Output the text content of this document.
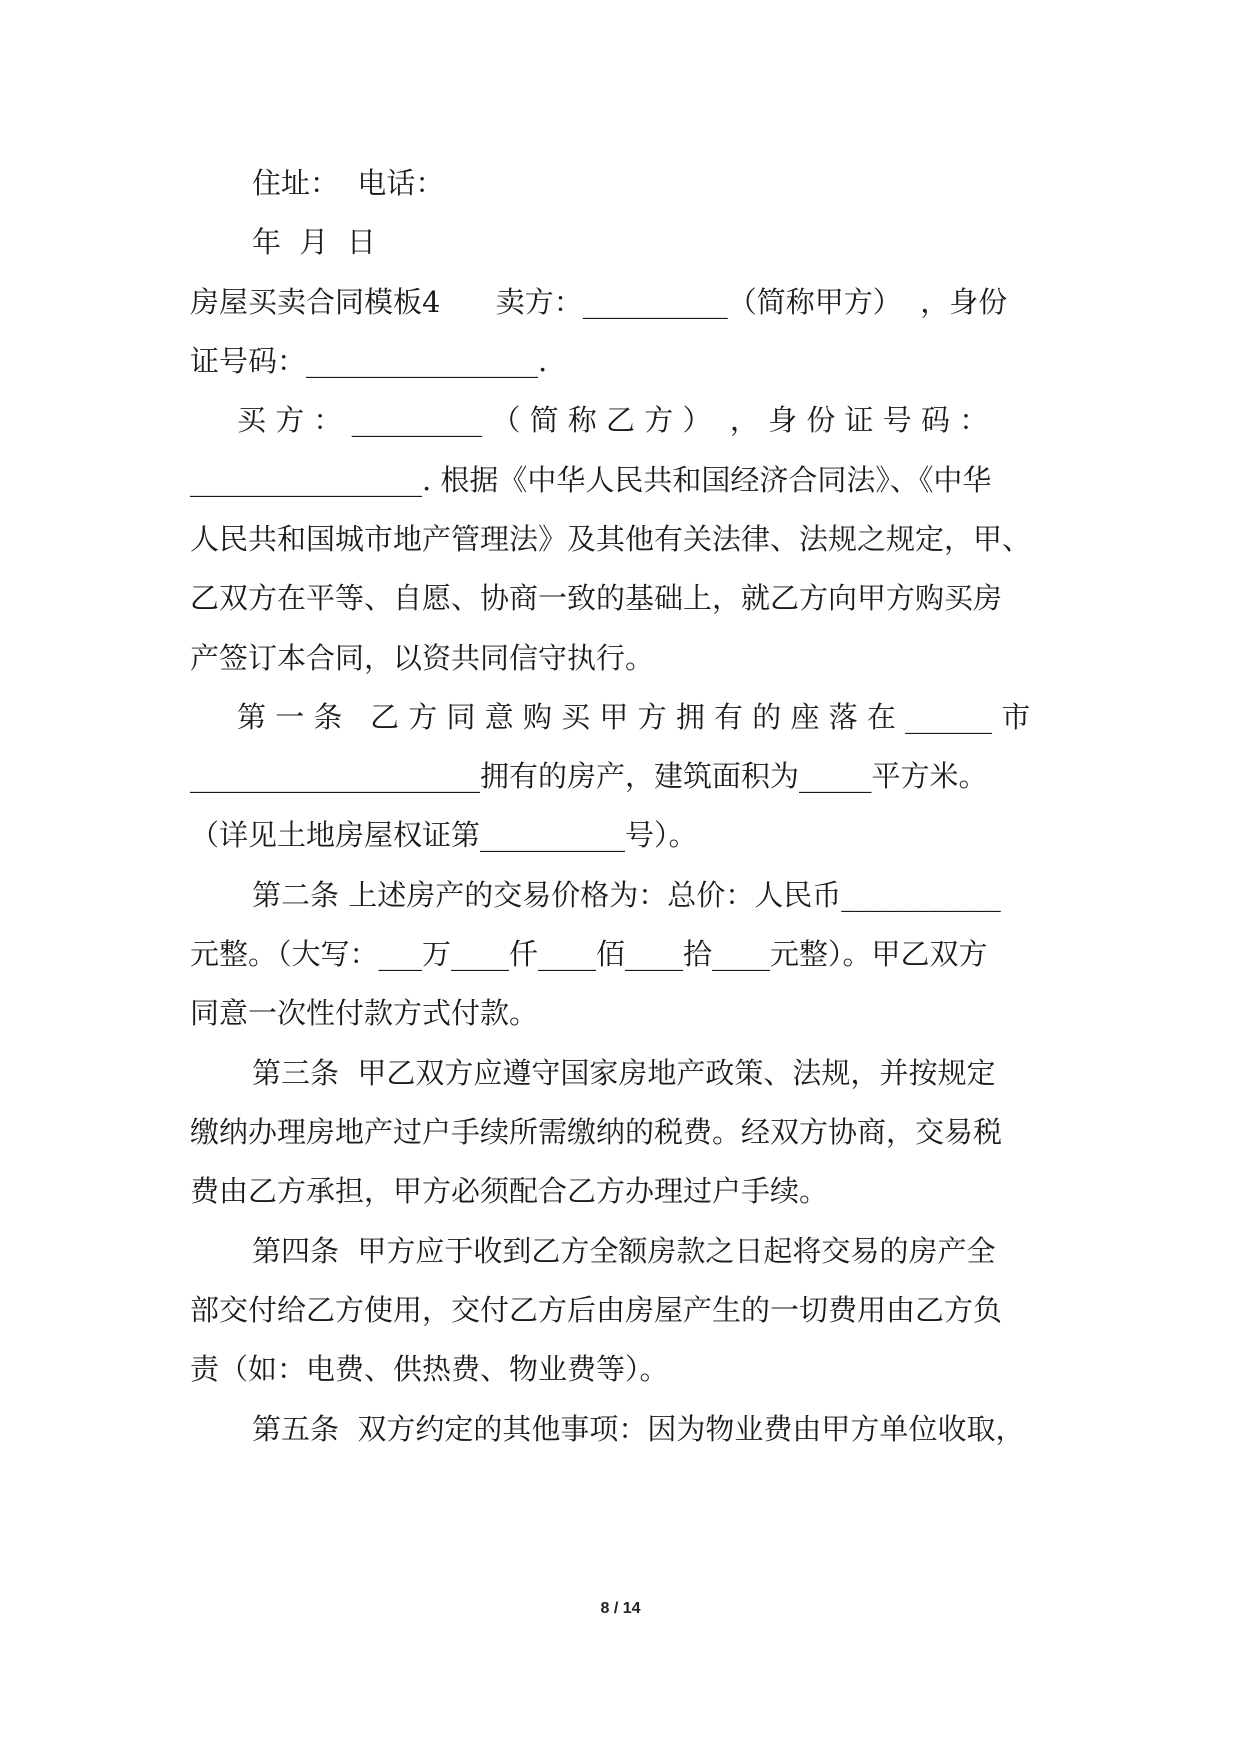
住址：  电话：
年  月  日
房屋买卖合同模板4      卖方：__________（简称甲方）  ，身份
证号码：________________.
买 方 ： _________ （ 简 称 乙 方 ）  ， 身 份 证 号 码 ：
________________. 根据《中华人民共和国经济合同法》、《中华
人民共和国城市地产管理法》及其他有关法律、法规之规定，甲、
乙双方在平等、自愿、协商一致的基础上，就乙方向甲方购买房
产签订本合同，以资共同信守执行。
第 一 条   乙 方 同 意 购 买 甲 方 拥 有 的 座 落 在 ______ 市
____________________拥有的房产，建筑面积为_____平方米。
（详见土地房屋权证第__________号）。
第二条 上述房产的交易价格为：总价：人民币___________
元整。（大写：___万____仟____佰____拾____元整）。甲乙双方
同意一次性付款方式付款。
第三条  甲乙双方应遵守国家房地产政策、法规，并按规定
缴纳办理房地产过户手续所需缴纳的税费。经双方协商，交易税
费由乙方承担，甲方必须配合乙方办理过户手续。
第四条  甲方应于收到乙方全额房款之日起将交易的房产全
部交付给乙方使用，交付乙方后由房屋产生的一切费用由乙方负
责（如：电费、供热费、物业费等）。
第五条  双方约定的其他事项：因为物业费由甲方单位收取，
8 / 14
